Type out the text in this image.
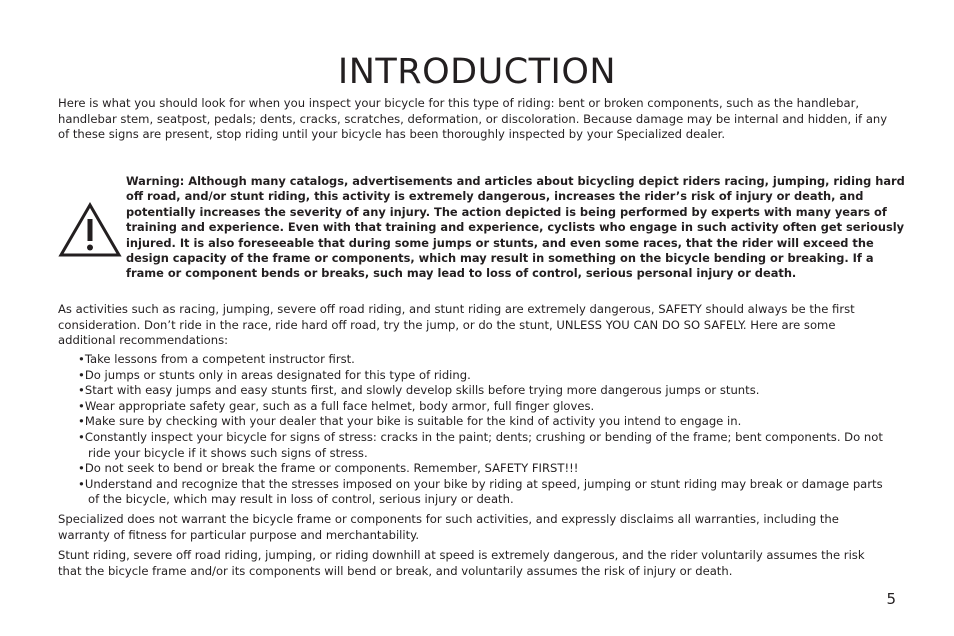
INTRODUCTION

Here is what you should look for when you inspect your bicycle for this type of riding: bent or broken components, such as the handlebar, handlebar stem, seatpost, pedals; dents, cracks, scratches, deformation, or discoloration. Because damage may be internal and hidden, if any of these signs are present, stop riding until your bicycle has been thoroughly inspected by your Specialized dealer.

Warning: Although many catalogs, advertisements and articles about bicycling depict riders racing, jumping, riding hard off road, and/or stunt riding, this activity is extremely dangerous, increases the rider’s risk of injury or death, and potentially increases the severity of any injury. The action depicted is being performed by experts with many years of training and experience. Even with that training and experience, cyclists who engage in such activity often get seriously injured. It is also foreseeable that during some jumps or stunts, and even some races, that the rider will exceed the design capacity of the frame or components, which may result in something on the bicycle bending or breaking. If a frame or component bends or breaks, such may lead to loss of control, serious personal injury or death.

As activities such as racing, jumping, severe off road riding, and stunt riding are extremely dangerous, SAFETY should always be the first consideration. Don’t ride in the race, ride hard off road, try the jump, or do the stunt, UNLESS YOU CAN DO SO SAFELY. Here are some additional recommendations:

• Take lessons from a competent instructor first.
• Do jumps or stunts only in areas designated for this type of riding.
• Start with easy jumps and easy stunts first, and slowly develop skills before trying more dangerous jumps or stunts.
• Wear appropriate safety gear, such as a full face helmet, body armor, full finger gloves.
• Make sure by checking with your dealer that your bike is suitable for the kind of activity you intend to engage in.
• Constantly inspect your bicycle for signs of stress: cracks in the paint; dents; crushing or bending of the frame; bent components. Do not ride your bicycle if it shows such signs of stress.
• Do not seek to bend or break the frame or components. Remember, SAFETY FIRST!!!
• Understand and recognize that the stresses imposed on your bike by riding at speed, jumping or stunt riding may break or damage parts of the bicycle, which may result in loss of control, serious injury or death.

Specialized does not warrant the bicycle frame or components for such activities, and expressly disclaims all warranties, including the warranty of fitness for particular purpose and merchantability.

Stunt riding, severe off road riding, jumping, or riding downhill at speed is extremely dangerous, and the rider voluntarily assumes the risk that the bicycle frame and/or its components will bend or break, and voluntarily assumes the risk of injury or death.

5
